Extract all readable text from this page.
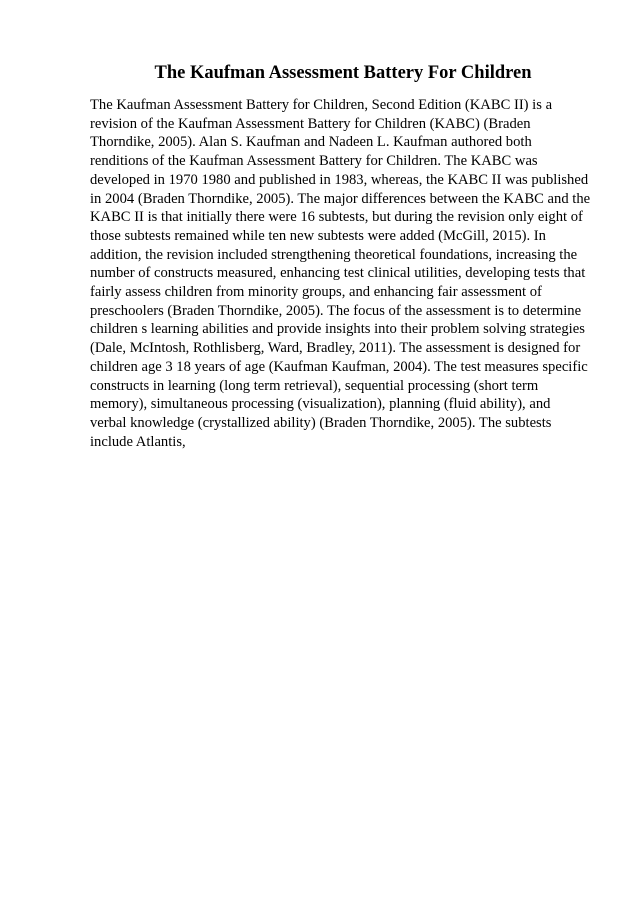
The Kaufman Assessment Battery For Children
The Kaufman Assessment Battery for Children, Second Edition (KABC II) is a
revision of the Kaufman Assessment Battery for Children (KABC) (Braden
Thorndike, 2005). Alan S. Kaufman and Nadeen L. Kaufman authored both
renditions of the Kaufman Assessment Battery for Children. The KABC was
developed in 1970 1980 and published in 1983, whereas, the KABC II was published
in 2004 (Braden Thorndike, 2005). The major differences between the KABC and the
KABC II is that initially there were 16 subtests, but during the revision only eight of
those subtests remained while ten new subtests were added (McGill, 2015). In
addition, the revision included strengthening theoretical foundations, increasing the
number of constructs measured, enhancing test clinical utilities, developing tests that
fairly assess children from minority groups, and enhancing fair assessment of
preschoolers (Braden Thorndike, 2005). The focus of the assessment is to determine
children s learning abilities and provide insights into their problem solving strategies
(Dale, McIntosh, Rothlisberg, Ward, Bradley, 2011). The assessment is designed for
children age 3 18 years of age (Kaufman Kaufman, 2004). The test measures specific
constructs in learning (long term retrieval), sequential processing (short term
memory), simultaneous processing (visualization), planning (fluid ability), and
verbal knowledge (crystallized ability) (Braden Thorndike, 2005). The subtests
include Atlantis,
